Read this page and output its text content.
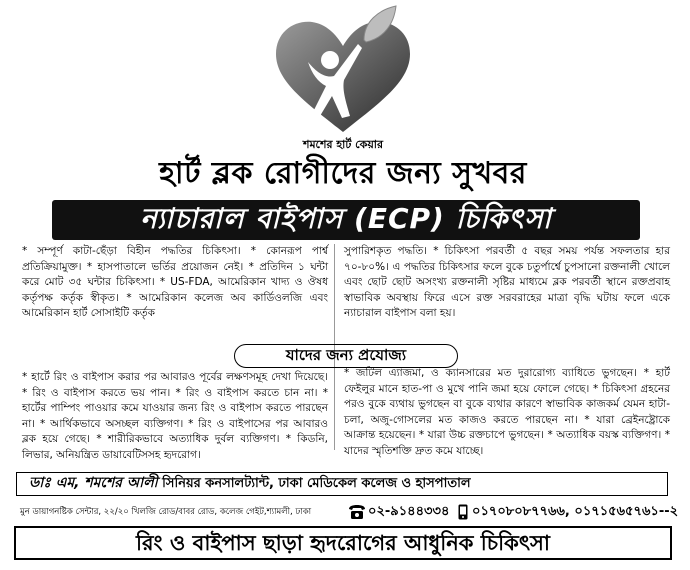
শমশের হার্ট কেয়ার
হার্ট ব্লক রোগীদের জন্য সুখবর
ন্যাচারাল বাইপাস (ECP) চিকিৎসা
* সম্পূর্ণ কাটা-ছেঁড়া বিহীন পদ্ধতির চিকিৎসা। * কোনরূপ পার্শ্ব প্রতিক্রিয়ামুক্ত। * হাসপাতালে ভর্তির প্রয়োজন নেই। * প্রতিদিন ১ ঘন্টা করে মোট ৩৫ ঘন্টার চিকিৎসা। * US-FDA, আমেরিকান খাদ্য ও ঔষধ কর্তৃপক্ষ কর্তৃক স্বীকৃত। * আমেরিকান কলেজ অব কার্ডিওলজি এবং আমেরিকান হার্ট সোসাইটি কর্তৃক
সুপারিশকৃত পদ্ধতি। * চিকিৎসা পরবর্তী ৫ বছর সময় পর্যন্ত সফলতার হার ৭০-৮০%। এ পদ্ধতির চিকিৎসার ফলে বুকে চতুর্পার্শ্বে চুপসানো রক্তনালী খোলে এবং ছোট ছোট অসংখ্য রক্তনালী সৃষ্টির মাধ্যমে ব্লক পরবর্তী স্থানে রক্তপ্রবাহ স্বাভাবিক অবস্থায় ফিরে এসে রক্ত সরবরাহের মাত্রা বৃদ্ধি ঘটায় ফলে একে ন্যাচারাল বাইপাস বলা হয়।
যাদের জন্য প্রযোজ্য
* হার্টে রিং ও বাইপাস করার পর আবারও পূর্বের লক্ষণসমূহ দেখা দিয়েছে। * রিং ও বাইপাস করতে ভয় পান। * রিং ও বাইপাস করতে চান না। * হার্টের পাম্পিং পাওয়ার কমে যাওয়ার জন্য রিং ও বাইপাস করতে পারছেন না। * আর্থিকভাবে অসচ্ছল ব্যক্তিগণ। * রিং ও বাইপাসের পর আবারও ব্লক হয়ে গেছে। * শারীরিকভাবে অত্যাধিক দুর্বল ব্যক্তিগণ। * কিডনি, লিভার, অনিয়ন্ত্রিত ডায়াবেটিসসহ হৃদরোগ।
* জটিল এ্যাজমা, ও ক্যানসারের মত দুরারোগ্য ব্যাধিতে ভুগছেন। * হার্ট ফেইলুর মানে হাত-পা ও মুখে পানি জমা হয়ে ফোলে গেছে। * চিকিৎসা গ্রহনের পরও বুকে ব্যথায় ভুগছেন বা বুকে ব্যথার কারণে স্বাভাবিক কাজকর্ম যেমন হাটা-চলা, অজু-গোসলের মত কাজও করতে পারছেন না। * যারা ব্রেইনষ্ট্রোকে আক্রান্ত হয়েছেন। * যারা উচ্চ রক্তচাপে ভুগছেন। * অত্যাধিক বয়স্ক ব্যক্তিগণ। * যাদের স্মৃতিশক্তি দ্রুত কমে যাচ্ছে।
ডাঃ এম, শমশের আলী সিনিয়র কনসালট্যান্ট, ঢাকা মেডিকেল কলেজ ও হাসপাতাল
মুন ডায়াগনষ্টিক সেন্টার, ২২/২০ খিলজি রোড/বাবর রোড, কলেজ গেইট,শ্যামলী, ঢাকা	০২-৯১৪৪৩৩৪ ০১৭০৮০৮৭৭৬৬, ০১৭১৫৬৫৭৬১--২
রিং ও বাইপাস ছাড়া হৃদরোগের আধুনিক চিকিৎসা
